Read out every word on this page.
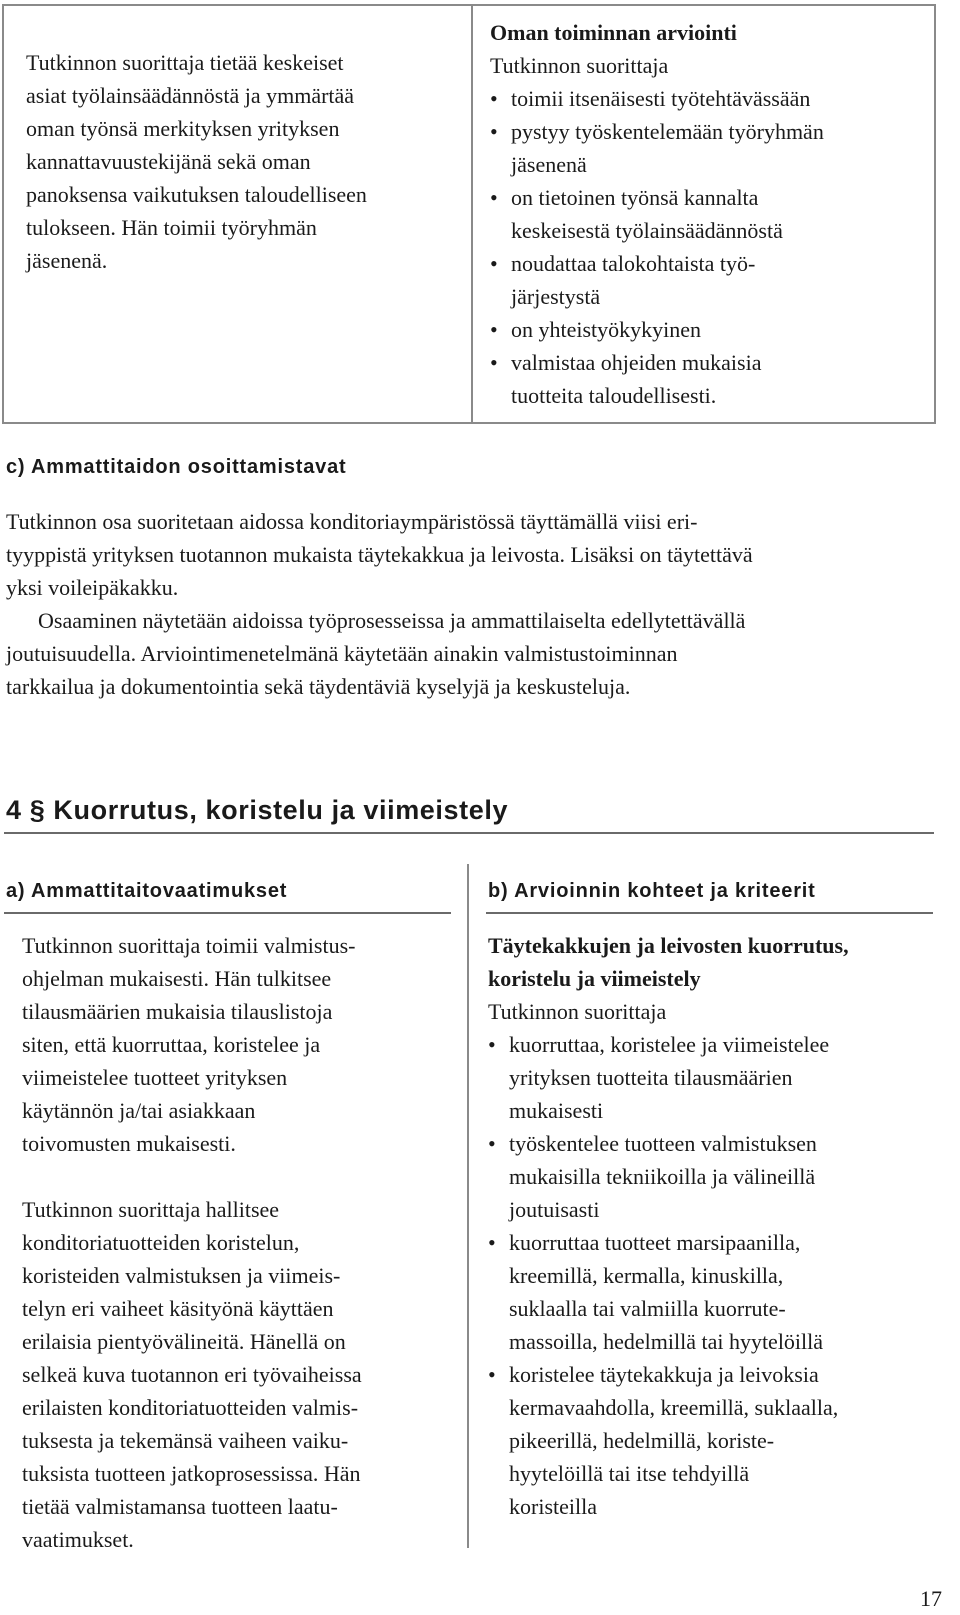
Tutkinnon suorittaja tietää keskeiset
asiat työlainsäädännöstä ja ymmärtää
oman työnsä merkityksen yrityksen
kannattavuustekijänä sekä oman
panoksensa vaikutuksen taloudelliseen
tulokseen. Hän toimii työryhmän
jäsenenä.
Oman toiminnan arviointi
Tutkinnon suorittaja
• toimii itsenäisesti työtehtävässään
• pystyy työskentelemään työryhmän
jäsenenä
• on tietoinen työnsä kannalta
keskeisestä työlainsäädännöstä
• noudattaa talokohtaista työ-
järjestystä
• on yhteistyökykyinen
• valmistaa ohjeiden mukaisia
tuotteita taloudellisesti.
c) Ammattitaidon osoittamistavat

Tutkinnon osa suoritetaan aidossa konditoriaympäristössä täyttämällä viisi eri-
tyyppistä yrityksen tuotannon mukaista täytekakkua ja leivosta. Lisäksi on täytettävä
yksi voileipäkakku.

Osaaminen näytetään aidoissa työprosesseissa ja ammattilaiselta edellytettävällä
joutuisuudella. Arviointimenetelmänä käytetään ainakin valmistustoiminnan
tarkkailua ja dokumentointia sekä täydentäviä kyselyjä ja keskusteluja.

4 § Kuorrutus, koristelu ja viimeistely
a) Ammattitaitovaatimukset	b) Arvioinnin kohteet ja kriteerit

Tutkinnon suorittaja toimii valmistus-
ohjelman mukaisesti. Hän tulkitsee
tilausmäärien mukaisia tilauslistoja
siten, että kuorruttaa, koristelee ja
viimeistelee tuotteet yrityksen
käytännön ja/tai asiakkaan
toivomusten mukaisesti.

Tutkinnon suorittaja hallitsee
konditoriatuotteiden koristelun,
koristeiden valmistuksen ja viimeis-
telyn eri vaiheet käsityönä käyttäen
erilaisia pientyövälineitä. Hänellä on
selkeä kuva tuotannon eri työvaiheissa
erilaisten konditoriatuotteiden valmis-
tuksesta ja tekemänsä vaiheen vaiku-
tuksista tuotteen jatkoprosessissa. Hän
tietää valmistamansa tuotteen laatu-
vaatimukset.

Täytekakkujen ja leivosten kuorrutus,
koristelu ja viimeistely
Tutkinnon suorittaja
• kuorruttaa, koristelee ja viimeistelee
yrityksen tuotteita tilausmäärien
mukaisesti
• työskentelee tuotteen valmistuksen
mukaisilla tekniikoilla ja välineillä
joutuisasti
• kuorruttaa tuotteet marsipaanilla,
kreemillä, kermalla, kinuskilla,
suklaalla tai valmiilla kuorrute-
massoilla, hedelmillä tai hyytelöillä
• koristelee täytekakkuja ja leivoksia
kermavaahdolla, kreemillä, suklaalla,
pikeerillä, hedelmillä, koriste-
hyytelöillä tai itse tehdyillä
koristeilla
17
